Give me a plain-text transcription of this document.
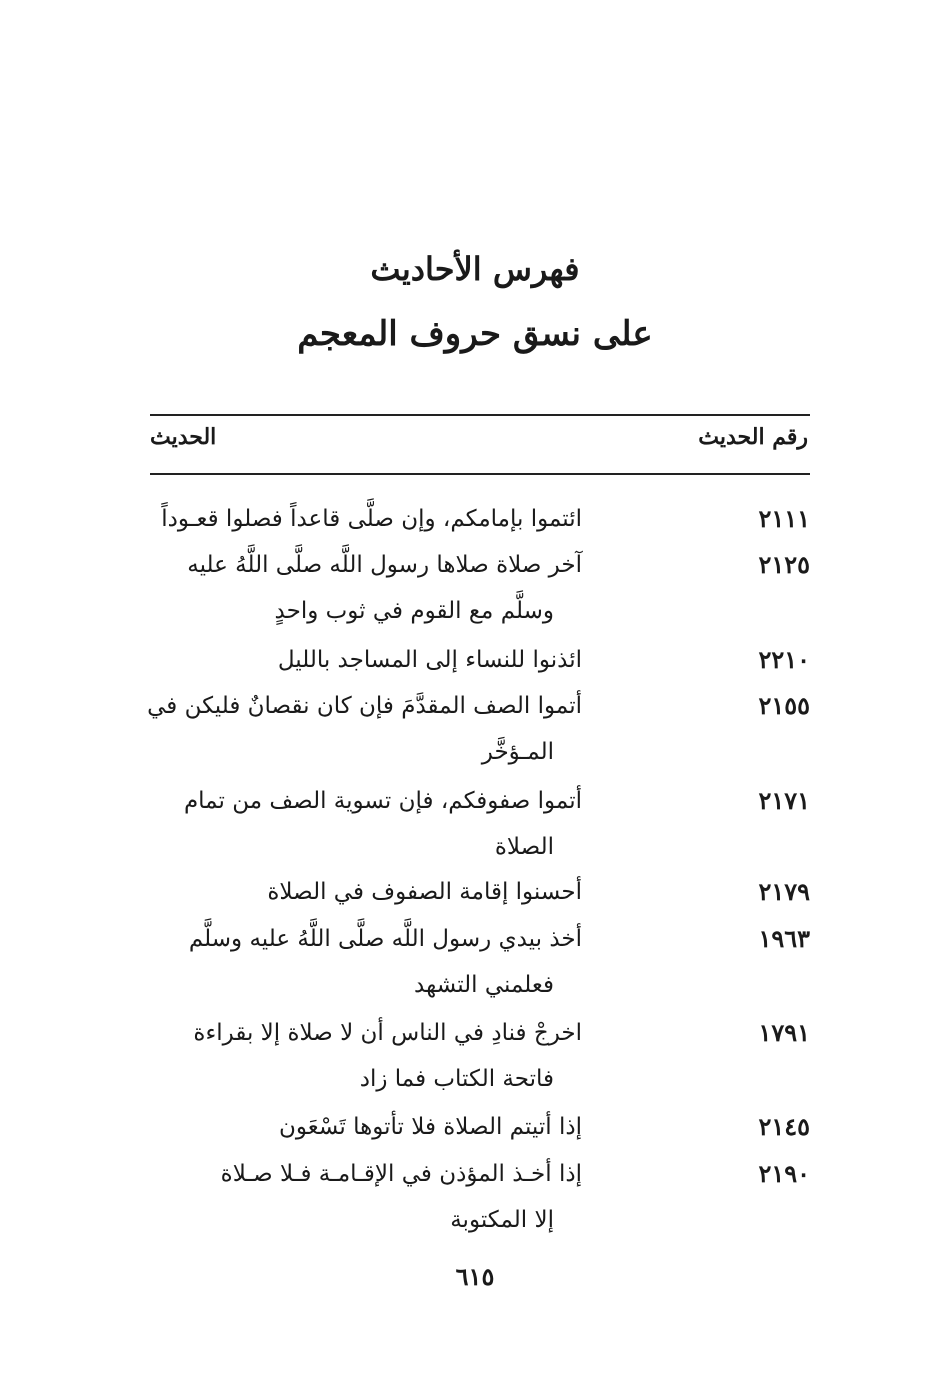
فهرس الأحاديث
على نسق حروف المعجم
رقم الحديث
الحديث
٢١١١
ائتموا بإمامكم، وإن صلَّى قاعداً فصلوا قعـوداً
٢١٢٥
آخر صلاة صلاها رسول اللَّه صلَّى اللَّهُ عليه
وسلَّم مع القوم في ثوب واحدٍ
٢٢١٠
ائذنوا للنساء إلى المساجد بالليل
٢١٥٥
أتموا الصف المقدَّمَ فإن كان نقصانٌ فليكن في
المـؤخَّر
٢١٧١
أتموا صفوفكم، فإن تسوية الصف من تمام
الصلاة
٢١٧٩
أحسنوا إقامة الصفوف في الصلاة
١٩٦٣
أخذ بيدي رسول اللَّه صلَّى اللَّهُ عليه وسلَّم
فعلمني التشهد
١٧٩١
اخرجْ فنادِ في الناس أن لا صلاة إلا بقراءة
فاتحة الكتاب فما زاد
٢١٤٥
إذا أتيتم الصلاة فلا تأتوها تَسْعَون
٢١٩٠
إذا أخـذ المؤذن في الإقـامـة فـلا صـلاة
إلا المكتوبة
٦١٥
